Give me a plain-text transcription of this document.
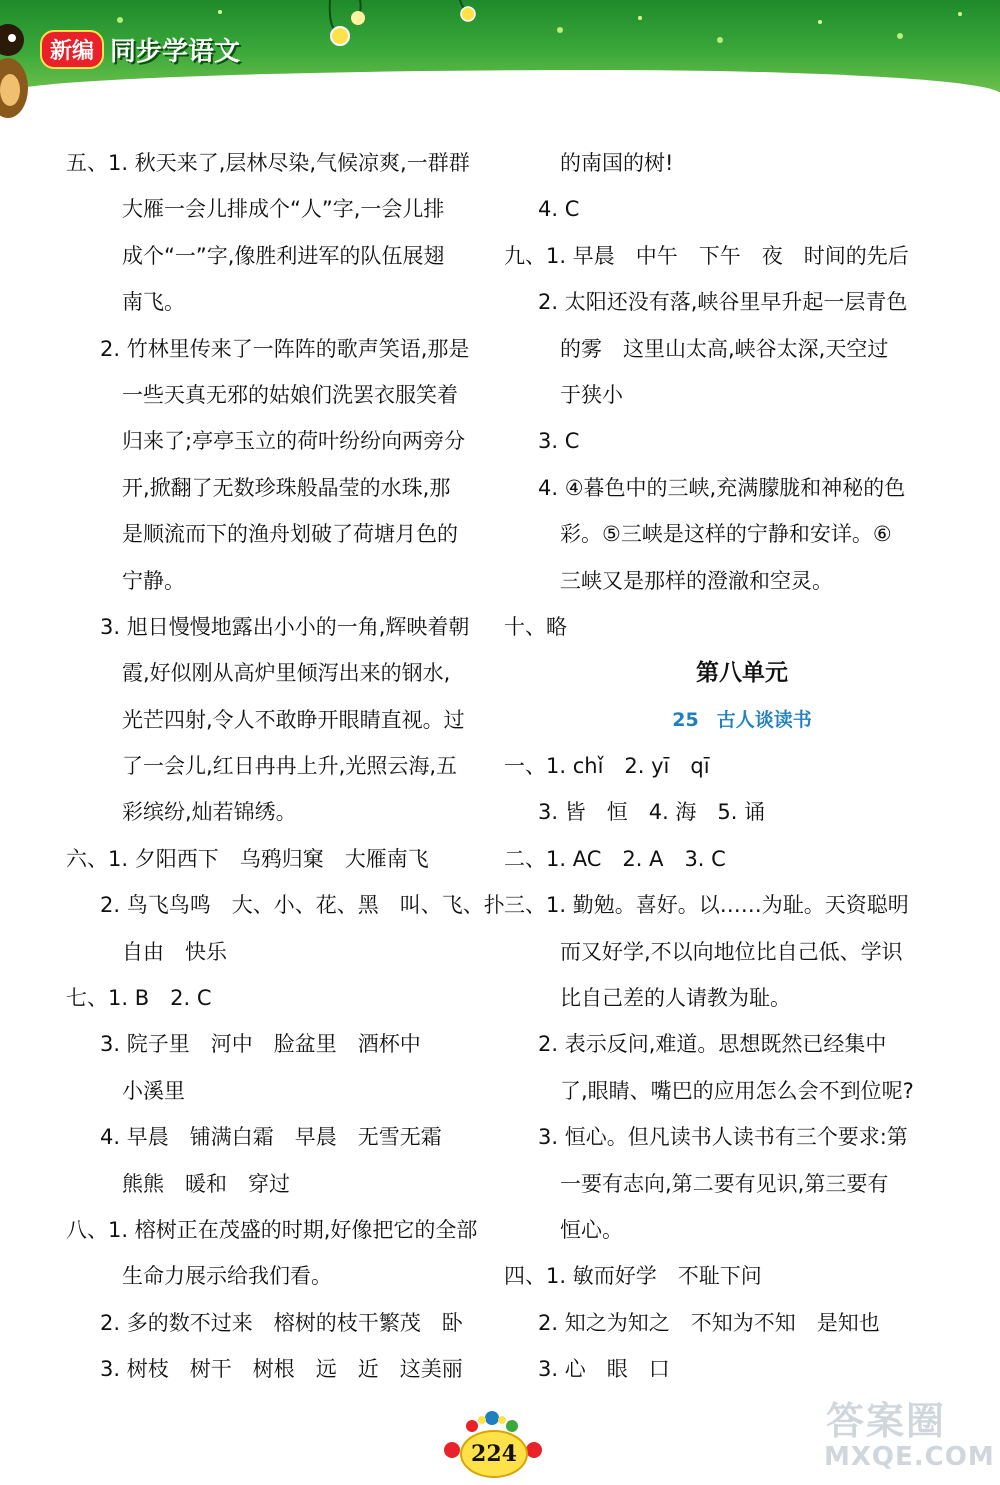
新编 同步学语文
五、1. 秋天来了,层林尽染,气候凉爽,一群群
大雁一会儿排成个“人”字,一会儿排
成个“一”字,像胜利进军的队伍展翅
南飞。
2. 竹林里传来了一阵阵的歌声笑语,那是
一些天真无邪的姑娘们洗罢衣服笑着
归来了;亭亭玉立的荷叶纷纷向两旁分
开,掀翻了无数珍珠般晶莹的水珠,那
是顺流而下的渔舟划破了荷塘月色的
宁静。
3. 旭日慢慢地露出小小的一角,辉映着朝
霞,好似刚从高炉里倾泻出来的钢水,
光芒四射,令人不敢睁开眼睛直视。过
了一会儿,红日冉冉上升,光照云海,五
彩缤纷,灿若锦绣。
六、1. 夕阳西下　乌鸦归窠　大雁南飞
2. 鸟飞鸟鸣　大、小、花、黑　叫、飞、扑
自由　快乐
七、1. B　2. C
3. 院子里　河中　脸盆里　酒杯中
小溪里
4. 早晨　铺满白霜　早晨　无雪无霜
熊熊　暖和　穿过
八、1. 榕树正在茂盛的时期,好像把它的全部
生命力展示给我们看。
2. 多的数不过来　榕树的枝干繁茂　卧
3. 树枝　树干　树根　远　近　这美丽
的南国的树!
4. C
九、1. 早晨　中午　下午　夜　时间的先后
2. 太阳还没有落,峡谷里早升起一层青色
的雾　这里山太高,峡谷太深,天空过
于狭小
3. C
4. ④暮色中的三峡,充满朦胧和神秘的色
彩。⑤三峡是这样的宁静和安详。⑥
三峡又是那样的澄澈和空灵。
十、略
第八单元
25 古人谈读书
一、1. chǐ　2. yī　qī
3. 皆　恒　4. 海　5. 诵
二、1. AC　2. A　3. C
三、1. 勤勉。喜好。以……为耻。天资聪明
而又好学,不以向地位比自己低、学识
比自己差的人请教为耻。
2. 表示反问,难道。思想既然已经集中
了,眼睛、嘴巴的应用怎么会不到位呢?
3. 恒心。但凡读书人读书有三个要求:第
一要有志向,第二要有见识,第三要有
恒心。
四、1. 敏而好学　不耻下问
2. 知之为知之　不知为不知　是知也
3. 心　眼　口
224
答案圈
MXQE.COM
